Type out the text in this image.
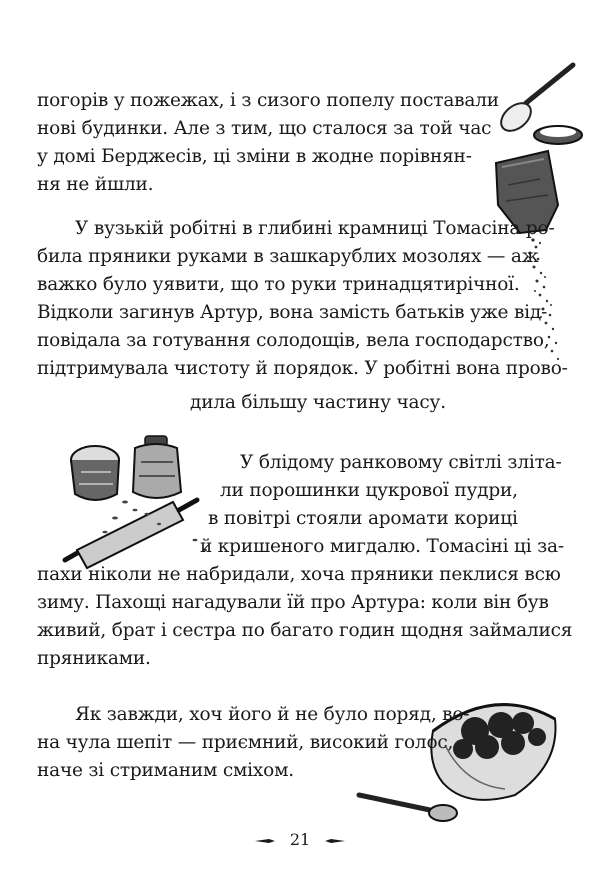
погорів у пожежах, і з сизого попелу поставали
нові будинки. Але з тим, що сталося за той час
у домі Берджесів, ці зміни в жодне порівнян-
ня не йшли.
У вузькій робітні в глибині крамниці Томасіна ро-
била пряники руками в зашкарублих мозолях — аж
важко було уявити, що то руки тринадцятирічної.
Відколи загинув Артур, вона замість батьків уже від-
повідала за готування солодощів, вела господарство,
підтримувала чистоту й порядок. У робітні вона прово-
дила більшу частину часу.
У блідому ранковому світлі зліта-
ли порошинки цукрової пудри,
в повітрі стояли аромати кориці
й кришеного мигдалю. Томасіні ці за-
пахи ніколи не набридали, хоча пряники пеклися всю
зиму. Пахощі нагадували їй про Артура: коли він був
живий, брат і сестра по багато годин щодня займалися
пряниками.
Як завжди, хоч його й не було поряд, во-
на чула шепіт — приємний, високий голос,
наче зі стриманим сміхом.
21
